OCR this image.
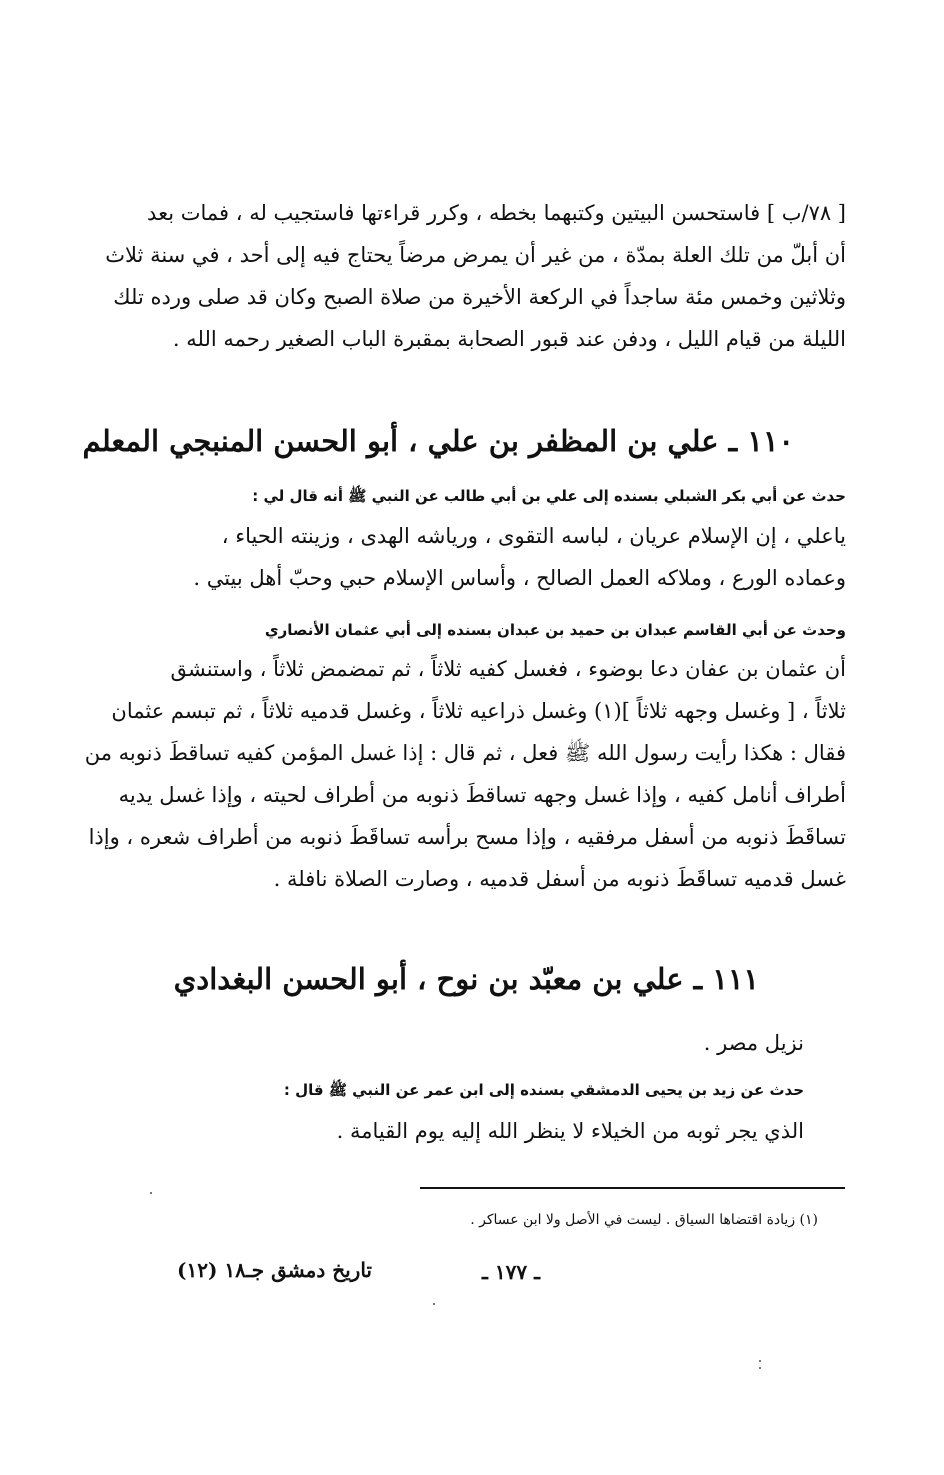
[ ٧٨/ب ] فاستحسن البيتين وكتبهما بخطه ، وكرر قراءتها فاستجيب له ، فمات بعد
أن أبلّ من تلك العلة بمدّة ، من غير أن يمرض مرضاً يحتاج فيه إلى أحد ، في سنة ثلاث
وثلاثين وخمس مئة ساجداً في الركعة الأخيرة من صلاة الصبح وكان قد صلى ورده تلك
الليلة من قيام الليل ، ودفن عند قبور الصحابة بمقبرة الباب الصغير رحمه الله .
١١٠ ـ علي بن المظفر بن علي ، أبو الحسن المنبجي المعلم
حدث عن أبي بكر الشبلي بسنده إلى علي بن أبي طالب عن النبي ﷺ أنه قال لي :
ياعلي ، إن الإسلام عريان ، لباسه التقوى ، ورياشه الهدى ، وزينته الحياء ،
وعماده الورع ، وملاكه العمل الصالح ، وأساس الإسلام حبي وحبّ أهل بيتي .
وحدث عن أبي القاسم عبدان بن حميد بن عبدان بسنده إلى أبي عثمان الأنصاري
أن عثمان بن عفان دعا بوضوء ، فغسل كفيه ثلاثاً ، ثم تمضمض ثلاثاً ، واستنشق
ثلاثاً ، [ وغسل وجهه ثلاثاً ](١) وغسل ذراعيه ثلاثاً ، وغسل قدميه ثلاثاً ، ثم تبسم عثمان
فقال : هكذا رأيت رسول الله ﷺ فعل ، ثم قال : إذا غسل المؤمن كفيه تساقطَ ذنوبه من
أطراف أنامل كفيه ، وإذا غسل وجهه تساقطَ ذنوبه من أطراف لحيته ، وإذا غسل يديه
تساقَطَ ذنوبه من أسفل مرفقيه ، وإذا مسح برأسه تساقَطَ ذنوبه من أطراف شعره ، وإذا
غسل قدميه تساقَطَ ذنوبه من أسفل قدميه ، وصارت الصلاة نافلة .
١١١ ـ علي بن معبّد بن نوح ، أبو الحسن البغدادي
نزيل مصر .
حدث عن زيد بن يحيى الدمشقي بسنده إلى ابن عمر عن النبي ﷺ قال :
الذي يجر ثوبه من الخيلاء لا ينظر الله إليه يوم القيامة .
(١) زيادة اقتضاها السياق . ليست في الأصل ولا ابن عساكر .
ـ ١٧٧ ـ
تاريخ دمشق جـ١٨ (١٢)
